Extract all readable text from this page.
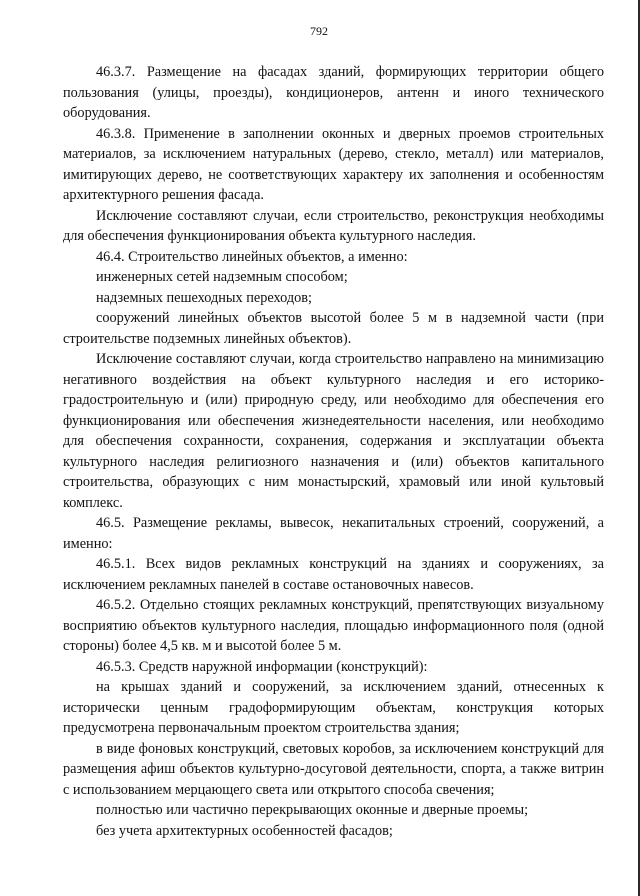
792

46.3.7. Размещение на фасадах зданий, формирующих территории общего пользования (улицы, проезды), кондиционеров, антенн и иного технического оборудования.

46.3.8. Применение в заполнении оконных и дверных проемов строительных материалов, за исключением натуральных (дерево, стекло, металл) или материалов, имитирующих дерево, не соответствующих характеру их заполнения и особенностям архитектурного решения фасада.

Исключение составляют случаи, если строительство, реконструкция необходимы для обеспечения функционирования объекта культурного наследия.

46.4. Строительство линейных объектов, а именно:

инженерных сетей надземным способом;

надземных пешеходных переходов;

сооружений линейных объектов высотой более 5 м в надземной части (при строительстве подземных линейных объектов).

Исключение составляют случаи, когда строительство направлено на минимизацию негативного воздействия на объект культурного наследия и его историко-градостроительную и (или) природную среду, или необходимо для обеспечения его функционирования или обеспечения жизнедеятельности населения, или необходимо для обеспечения сохранности, сохранения, содержания и эксплуатации объекта культурного наследия религиозного назначения и (или) объектов капитального строительства, образующих с ним монастырский, храмовый или иной культовый комплекс.

46.5. Размещение рекламы, вывесок, некапитальных строений, сооружений, а именно:

46.5.1. Всех видов рекламных конструкций на зданиях и сооружениях, за исключением рекламных панелей в составе остановочных навесов.

46.5.2. Отдельно стоящих рекламных конструкций, препятствующих визуальному восприятию объектов культурного наследия, площадью информационного поля (одной стороны) более 4,5 кв. м и высотой более 5 м.

46.5.3. Средств наружной информации (конструкций):

на крышах зданий и сооружений, за исключением зданий, отнесенных к исторически ценным градоформирующим объектам, конструкция которых предусмотрена первоначальным проектом строительства здания;

в виде фоновых конструкций, световых коробов, за исключением конструкций для размещения афиш объектов культурно-досуговой деятельности, спорта, а также витрин с использованием мерцающего света или открытого способа свечения;

полностью или частично перекрывающих оконные и дверные проемы;

без учета архитектурных особенностей фасадов;
